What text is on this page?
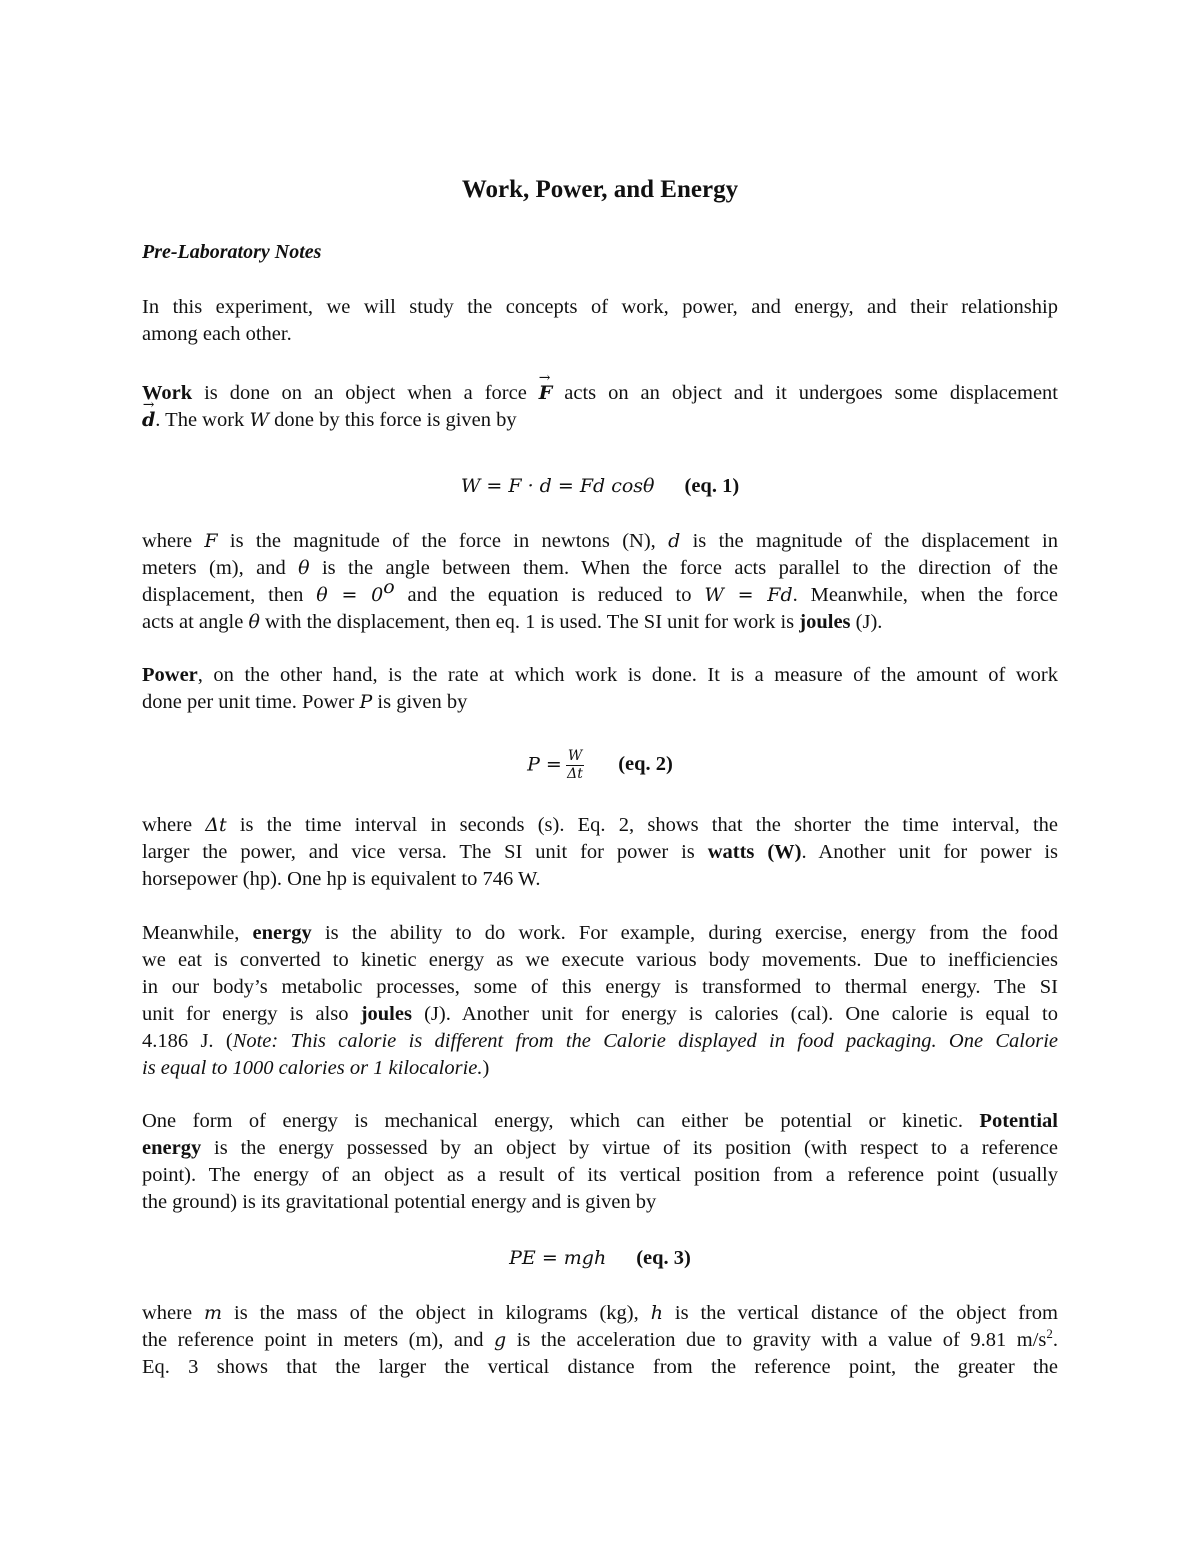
Work, Power, and Energy
Pre-Laboratory Notes
In this experiment, we will study the concepts of work, power, and energy, and their relationship
among each other.
Work is done on an object when a force → F acts on an object and it undergoes some displacement
→ d. The work W done by this force is given by
W = F · d = Fd cosθ (eq. 1)
where F is the magnitude of the force in newtons (N), d is the magnitude of the displacement in
meters (m), and θ is the angle between them. When the force acts parallel to the direction of the
displacement, then $\theta = 0^o$ and the equation is reduced to W = Fd. Meanwhile, when the force
acts at angle θ with the displacement, then eq. 1 is used. The SI unit for work is joules (J).
Power, on the other hand, is the rate at which work is done. It is a measure of the amount of work
done per unit time. Power P is given by
$P = \frac{W}{\Delta t} (eq$. 2)
where Δt is the time interval in seconds (s). Eq. 2, shows that the shorter the time interval, the
larger the power, and vice versa. The SI unit for power is watts (W). Another unit for power is
horsepower (hp). One hp is equivalent to 746 W.
Meanwhile, energy is the ability to do work. For example, during exercise, energy from the food
we eat is converted to kinetic energy as we execute various body movements. Due to inefficiencies
in our body’s metabolic processes, some of this energy is transformed to thermal energy. The SI
unit for energy is also joules (J). Another unit for energy is calories (cal). One calorie is equal to
4.186 J. (Note: This calorie is different from the Calorie displayed in food packaging. One Calorie
is equal to 1000 calories or 1 kilocalorie.)
One form of energy is mechanical energy, which can either be potential or kinetic. Potential
energy is the energy possessed by an object by virtue of its position (with respect to a reference
point). The energy of an object as a result of its vertical position from a reference point (usually
the ground) is its gravitational potential energy and is given by
PE = mgh (eq. 3)
where m is the mass of the object in kilograms (kg), h is the vertical distance of the object from
the reference point in meters (m), and g is the acceleration due to gravity with a value of 9.81 $m/s^2$.
Eq. 3 shows that the larger the vertical distance from the reference point, the greater the
